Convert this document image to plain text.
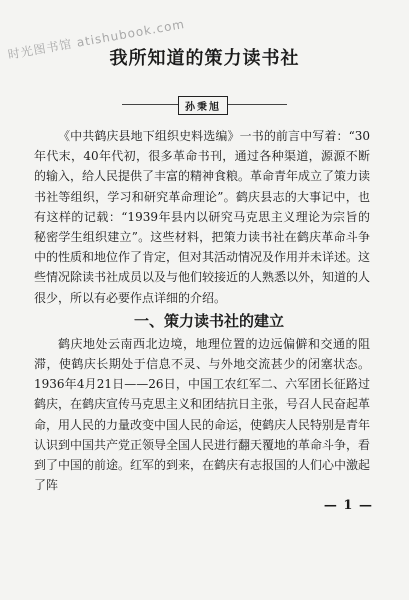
时光图书馆 atishubook.com
我所知道的策力读书社
孙秉旭

《中共鹤庆县地下组织史料选编》一书的前言中写着：“30年代末，40年代初，很多革命书刊，通过各种渠道，源源不断的输入，给人民提供了丰富的精神食粮。革命青年成立了策力读书社等组织，学习和研究革命理论”。鹤庆县志的大事记中，也有这样的记载：“1939年县内以研究马克思主义理论为宗旨的秘密学生组织建立”。这些材料，把策力读书社在鹤庆革命斗争中的性质和地位作了肯定，但对其活动情况及作用并未详述。这些情况除读书社成员以及与他们较接近的人熟悉以外，知道的人很少，所以有必要作点详细的介绍。

一、策力读书社的建立

鹤庆地处云南西北边境，地理位置的边远偏僻和交通的阻滞，使鹤庆长期处于信息不灵、与外地交流甚少的闭塞状态。1936年4月21日——26日，中国工农红军二、六军团长征路过鹤庆，在鹤庆宣传马克思主义和团结抗日主张，号召人民奋起革命，用人民的力量改变中国人民的命运，使鹤庆人民特别是青年认识到中国共产党正领导全国人民进行翻天覆地的革命斗争，看到了中国的前途。红军的到来，在鹤庆有志报国的人们心中激起了阵

— 1 —
